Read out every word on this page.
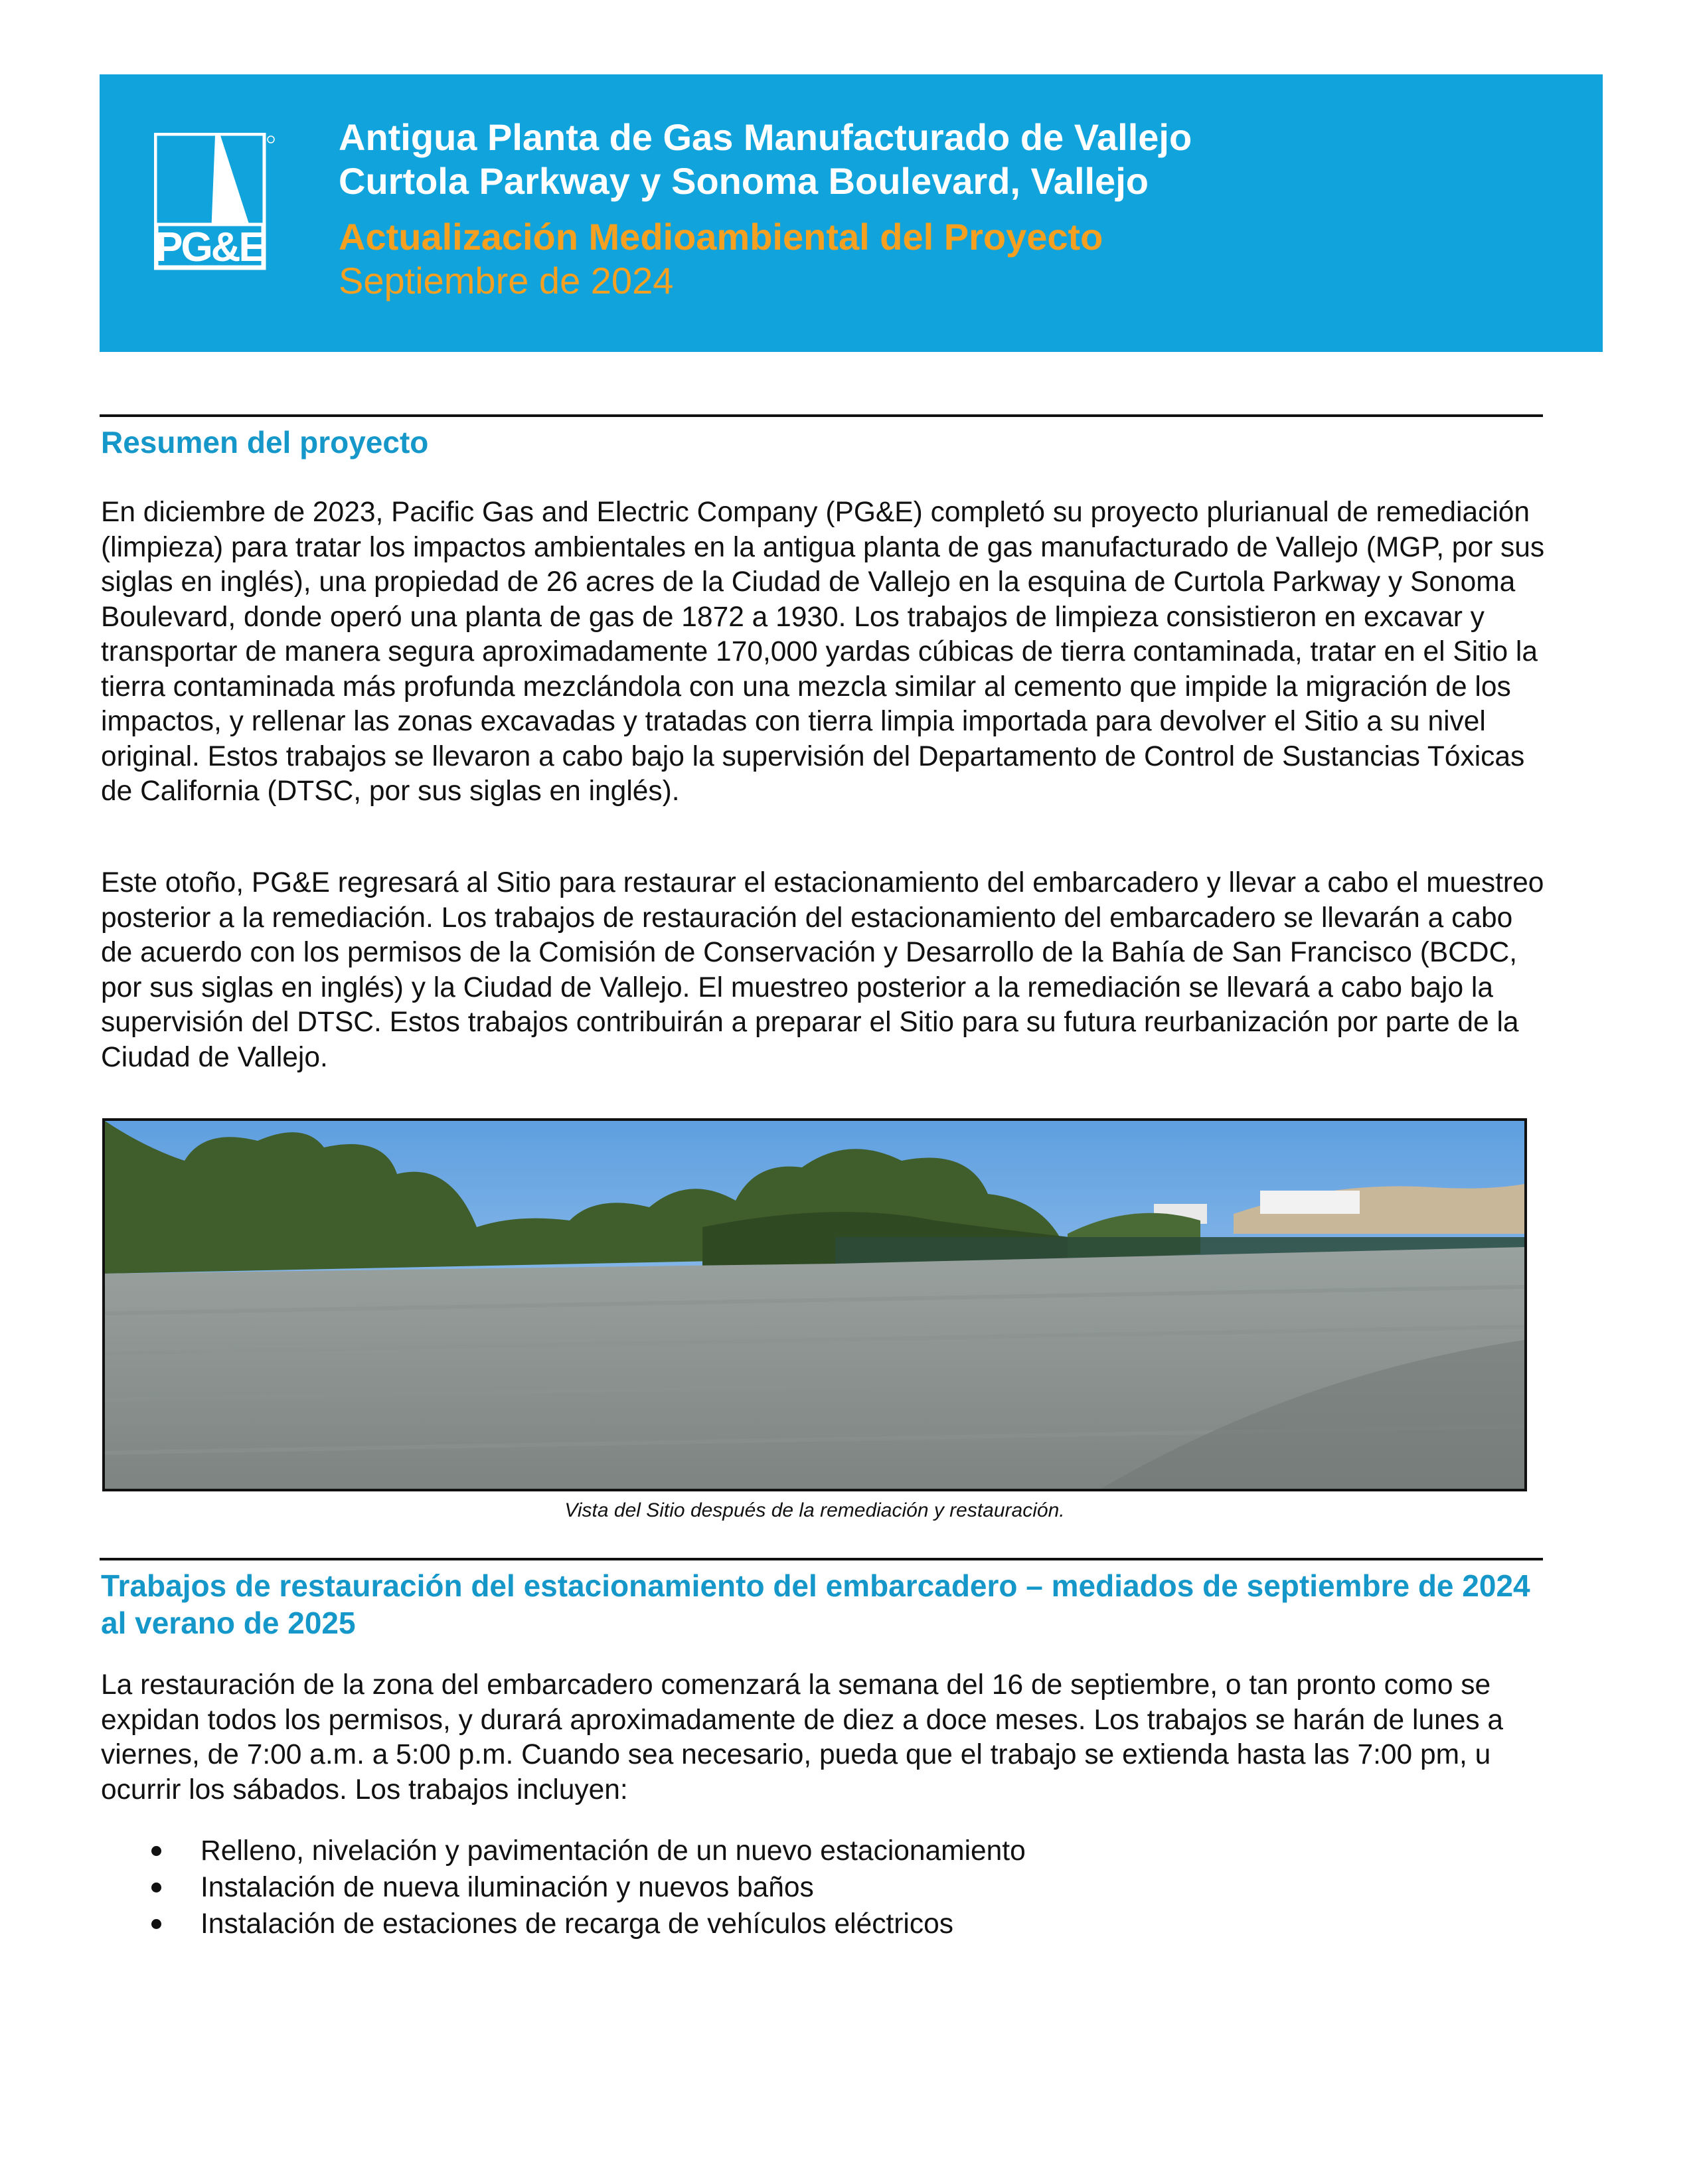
PG&E

Antigua Planta de Gas Manufacturado de Vallejo

Curtola Parkway y Sonoma Boulevard, Vallejo

Actualización Medioambiental del Proyecto

Septiembre de 2024

Resumen del proyecto

En diciembre de 2023, Pacific Gas and Electric Company (PG&E) completó su proyecto plurianual de remediación (limpieza) para tratar los impactos ambientales en la antigua planta de gas manufacturado de Vallejo (MGP, por sus siglas en inglés), una propiedad de 26 acres de la Ciudad de Vallejo en la esquina de Curtola Parkway y Sonoma Boulevard, donde operó una planta de gas de 1872 a 1930. Los trabajos de limpieza consistieron en excavar y transportar de manera segura aproximadamente 170,000 yardas cúbicas de tierra contaminada, tratar en el Sitio la tierra contaminada más profunda mezclándola con una mezcla similar al cemento que impide la migración de los impactos, y rellenar las zonas excavadas y tratadas con tierra limpia importada para devolver el Sitio a su nivel original. Estos trabajos se llevaron a cabo bajo la supervisión del Departamento de Control de Sustancias Tóxicas de California (DTSC, por sus siglas en inglés).

Este otoño, PG&E regresará al Sitio para restaurar el estacionamiento del embarcadero y llevar a cabo el muestreo posterior a la remediación. Los trabajos de restauración del estacionamiento del embarcadero se llevarán a cabo de acuerdo con los permisos de la Comisión de Conservación y Desarrollo de la Bahía de San Francisco (BCDC, por sus siglas en inglés) y la Ciudad de Vallejo. El muestreo posterior a la remediación se llevará a cabo bajo la supervisión del DTSC. Estos trabajos contribuirán a preparar el Sitio para su futura reurbanización por parte de la Ciudad de Vallejo.

Vista del Sitio después de la remediación y restauración.
Trabajos de restauración del estacionamiento del embarcadero – mediados de septiembre de 2024 al verano de 2025

La restauración de la zona del embarcadero comenzará la semana del 16 de septiembre, o tan pronto como se expidan todos los permisos, y durará aproximadamente de diez a doce meses. Los trabajos se harán de lunes a viernes, de 7:00 a.m. a 5:00 p.m. Cuando sea necesario, pueda que el trabajo se extienda hasta las 7:00 pm, u ocurrir los sábados. Los trabajos incluyen:

Relleno, nivelación y pavimentación de un nuevo estacionamiento
Instalación de nueva iluminación y nuevos baños
Instalación de estaciones de recarga de vehículos eléctricos
